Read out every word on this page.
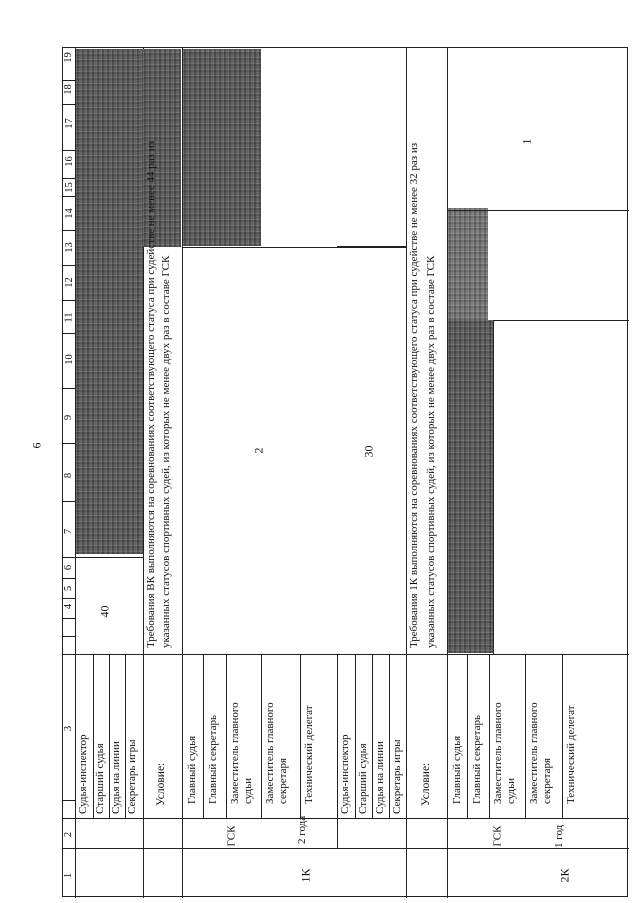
6
19
18
17
16
15
14
13
12
11
10
9
8
7
6
5
4
3
2
1
40
Судья-инспектор Старший судья Судья на линии Секретарь игры Условие:
Требования ВК выполняются на соревнованиях соответствующего статуса при судействе не менее 44 раз из указанных статусов спортивных судей, из которых не менее двух раз в составе ГСК
Главный судья Главный секретарь Заместитель главного судьи Заместитель главного секретаря Технический делегат
ГСК
2
Судья-инспектор Старший судья Судья на линии Секретарь игры
30
2 года
1К
Условие:
Требования 1К выполняются на соревнованиях соответствующего статуса при судействе не менее 32 раз из указанных статусов спортивных судей, из которых не менее двух раз в составе ГСК
Главный судья Главный секретарь Заместитель главного судьи Заместитель главного секретаря Технический делегат
ГСК
1
1 год
2К
